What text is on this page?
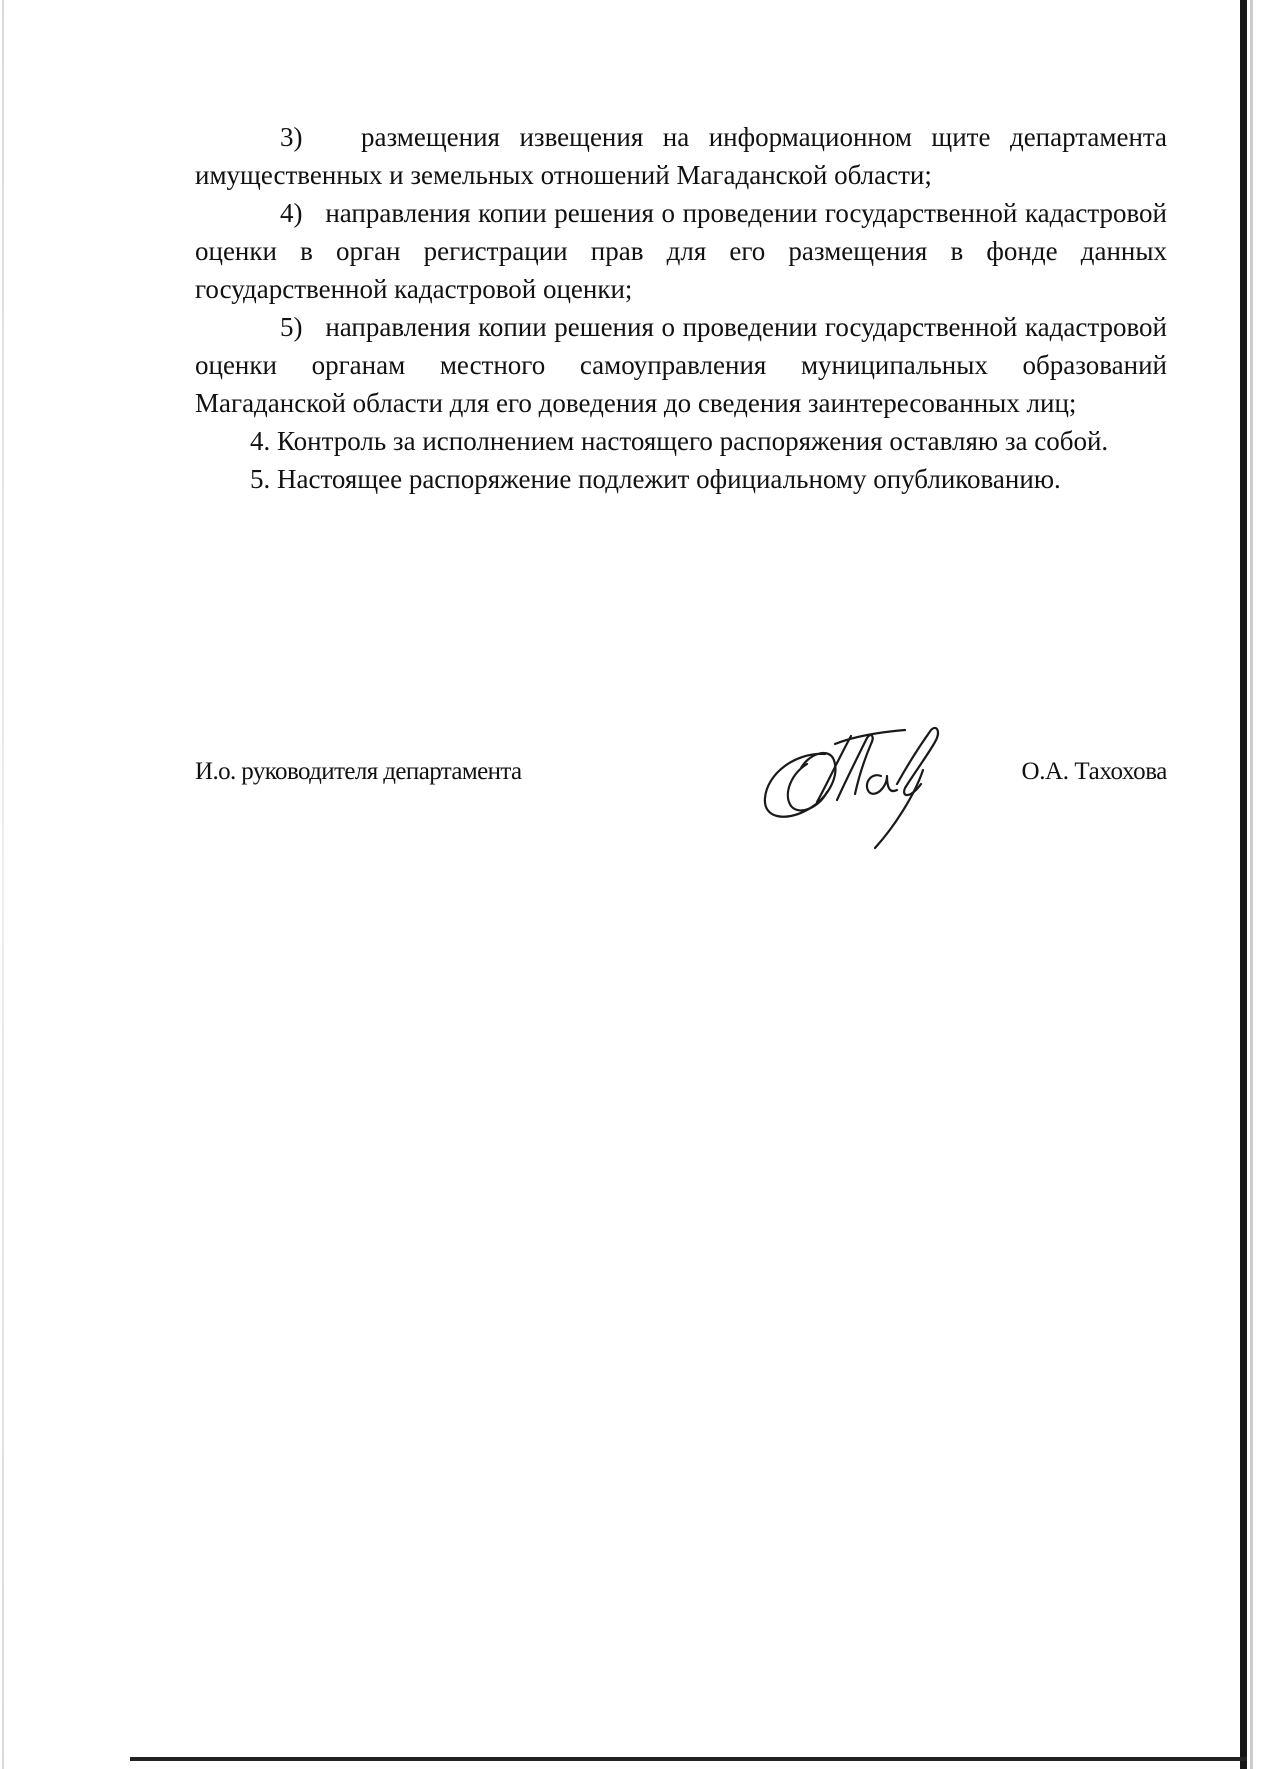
3) размещения извещения на информационном щите департамента имущественных и земельных отношений Магаданской области;

4) направления копии решения о проведении государственной кадастровой оценки в орган регистрации прав для его размещения в фонде данных государственной кадастровой оценки;

5) направления копии решения о проведении государственной кадастровой оценки органам местного самоуправления муниципальных образований Магаданской области для его доведения до сведения заинтересованных лиц;

4. Контроль за исполнением настоящего распоряжения оставляю за собой.

5. Настоящее распоряжение подлежит официальному опубликованию.

И.о. руководителя департамента	О.А. Тахохова
